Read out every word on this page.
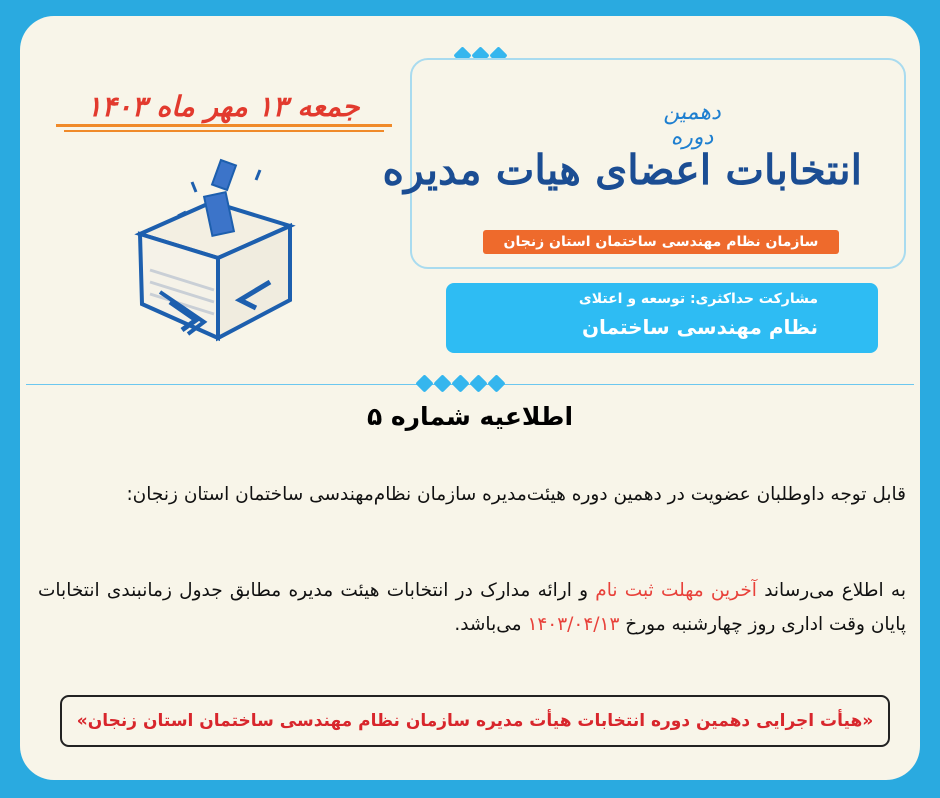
دهمین دوره
انتخابات اعضای هیات مدیره
سازمان نظام مهندسی ساختمان استان زنجان
مشارکت حداکثری: توسعه و اعتلای
نظام مهندسی ساختمان
جمعه ۱۳ مهر ماه ۱۴۰۳
اطلاعیه شماره ۵
قابل توجه داوطلبان عضویت در دهمین دوره هیئت‌مدیره سازمان نظام‌مهندسی ساختمان استان زنجان:
به اطلاع می‌رساند آخرین مهلت ثبت نام و ارائه مدارک در انتخابات هیئت مدیره مطابق جدول زمانبندی انتخابات پایان وقت اداری روز چهارشنبه مورخ ۱۴۰۳/۰۴/۱۳ می‌باشد.
«هیأت اجرایی دهمین دوره انتخابات هیأت مدیره سازمان نظام مهندسی ساختمان استان زنجان»
